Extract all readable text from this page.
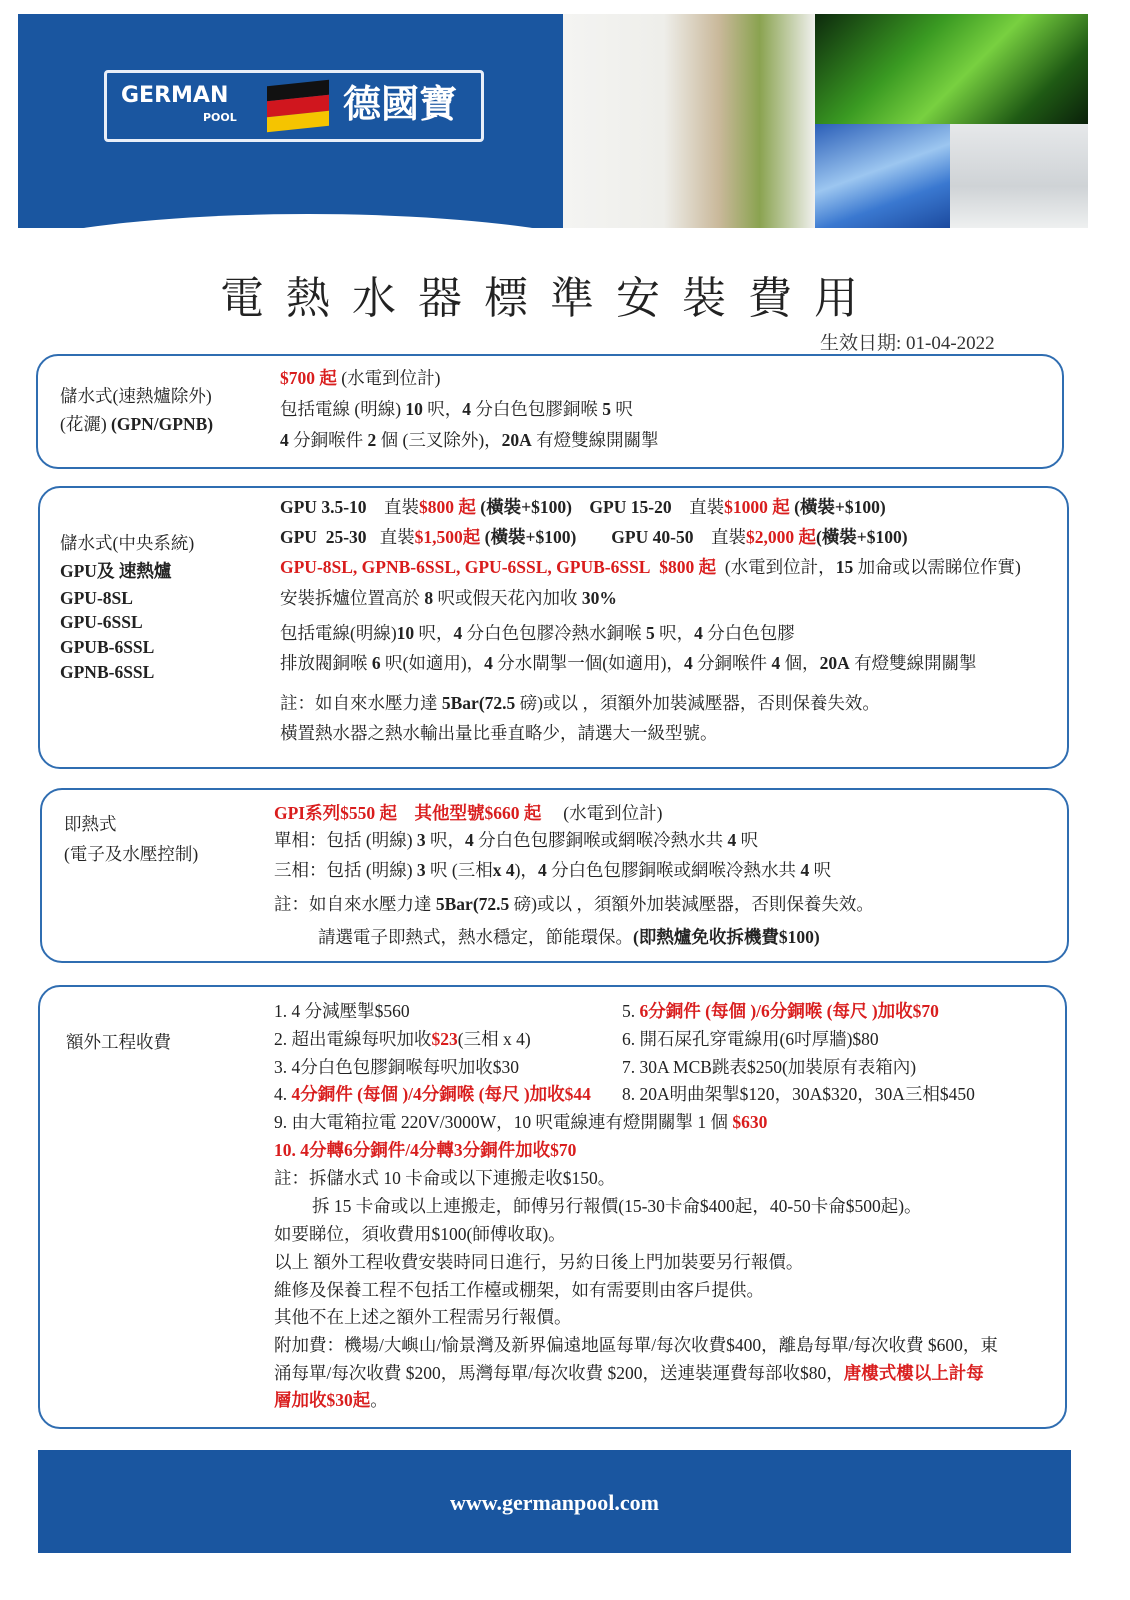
GERMAN
POOL	德國寶
電熱水器標準安裝費用
生效日期: 01-04-2022
儲水式(速熱爐除外)
(花灑) (GPN/GPNB)
$700 起 (水電到位計)
包括電線 (明線) 10 呎，4 分白色包膠銅喉 5 呎
4 分銅喉件 2 個 (三叉除外)，20A 有燈雙線開關掣
儲水式(中央系統)
GPU及 速熱爐
GPU-8SL
GPU-6SSL
GPUB-6SSL
GPNB-6SSL
GPU 3.5-10    直裝$800 起 (橫裝+$100)    GPU 15-20    直裝$1000 起 (橫裝+$100)
GPU  25-30   直裝$1,500起 (橫裝+$100)        GPU 40-50    直裝$2,000 起(橫裝+$100)
GPU-8SL, GPNB-6SSL, GPU-6SSL, GPUB-6SSL  $800 起  (水電到位計，15 加侖或以需睇位作實)
安裝拆爐位置高於 8 呎或假天花內加收 30%
包括電線(明線)10 呎，4 分白色包膠冷熱水銅喉 5 呎，4 分白色包膠
排放閥銅喉 6 呎(如適用)，4 分水閘掣一個(如適用)，4 分銅喉件 4 個，20A 有燈雙線開關掣
註：如自來水壓力達 5Bar(72.5 磅)或以 ，須額外加裝減壓器，否則保養失效。
橫置熱水器之熱水輸出量比垂直略少，請選大一級型號。
即熱式
(電子及水壓控制)
GPI系列$550 起    其他型號$660 起     (水電到位計)
單相：包括 (明線) 3 呎，4 分白色包膠銅喉或網喉冷熱水共 4 呎
三相：包括 (明線) 3 呎 (三相x 4)，4 分白色包膠銅喉或網喉冷熱水共 4 呎
註：如自來水壓力達 5Bar(72.5 磅)或以 ，須額外加裝減壓器，否則保養失效。
請選電子即熱式，熱水穩定，節能環保。(即熱爐免收拆機費$100)
額外工程收費
1. 4 分減壓掣$560
2. 超出電線每呎加收$23(三相 x 4)
3. 4分白色包膠銅喉每呎加收$30
4. 4分銅件 (每個 )/4分銅喉 (每尺 )加收$44
9. 由大電箱拉電 220V/3000W，10 呎電線連有燈開關掣 1 個 $630
10. 4分轉6分銅件/4分轉3分銅件加收$70
註：拆儲水式 10 卡侖或以下連搬走收$150。
拆 15 卡侖或以上連搬走，師傅另行報價(15-30卡侖$400起，40-50卡侖$500起)。
如要睇位，須收費用$100(師傅收取)。
以上 額外工程收費安裝時同日進行，另約日後上門加裝要另行報價。
維修及保養工程不包括工作檯或棚架，如有需要則由客戶提供。
其他不在上述之額外工程需另行報價。
附加費：機場/大嶼山/愉景灣及新界偏遠地區每單/每次收費$400，離島每單/每次收費 $600，東
涌每單/每次收費 $200，馬灣每單/每次收費 $200，送連裝運費每部收$80，唐樓式樓以上計每
層加收$30起。
5. 6分銅件 (每個 )/6分銅喉 (每尺 )加收$70
6. 開石屎孔穿電線用(6吋厚牆)$80
7. 30A MCB跳表$250(加裝原有表箱內)
8. 20A明曲架掣$120，30A$320，30A三相$450
www.germanpool.com
